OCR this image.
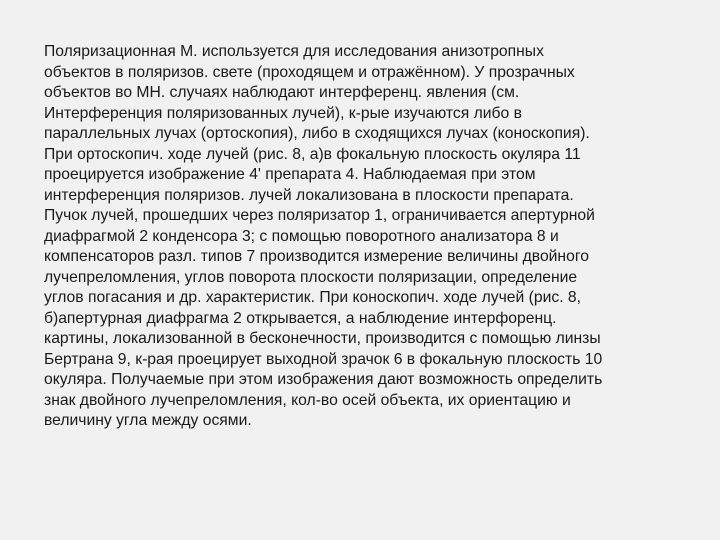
Поляризационная М. используется для исследования анизотропных
объектов в поляризов. свете (проходящем и отражённом). У прозрачных
объектов во МН. случаях наблюдают интерференц. явления (см.
Интерференция поляризованных лучей), к-рые изучаются либо в
параллельных лучах (ортоскопия), либо в сходящихся лучах (коноскопия).
При ортоскопич. ходе лучей (рис. 8, а)в фокальную плоскость окуляра 11
проецируется изображение 4' препарата 4. Наблюдаемая при этом
интерференция поляризов. лучей локализована в плоскости препарата.
Пучок лучей, прошедших через поляризатор 1, ограничивается апертурной
диафрагмой 2 конденсора 3; с помощью поворотного анализатора 8 и
компенсаторов разл. типов 7 производится измерение величины двойного
лучепреломления, углов поворота плоскости поляризации, определение
углов погасания и др. характеристик. При коноскопич. ходе лучей (рис. 8,
б)апертурная диафрагма 2 открывается, а наблюдение интерфоренц.
картины, локализованной в бесконечности, производится с помощью линзы
Бертрана 9, к-рая проецирует выходной зрачок 6 в фокальную плоскость 10
окуляра. Получаемые при этом изображения дают возможность определить
знак двойного лучепреломления, кол-во осей объекта, их ориентацию и
величину угла между осями.
